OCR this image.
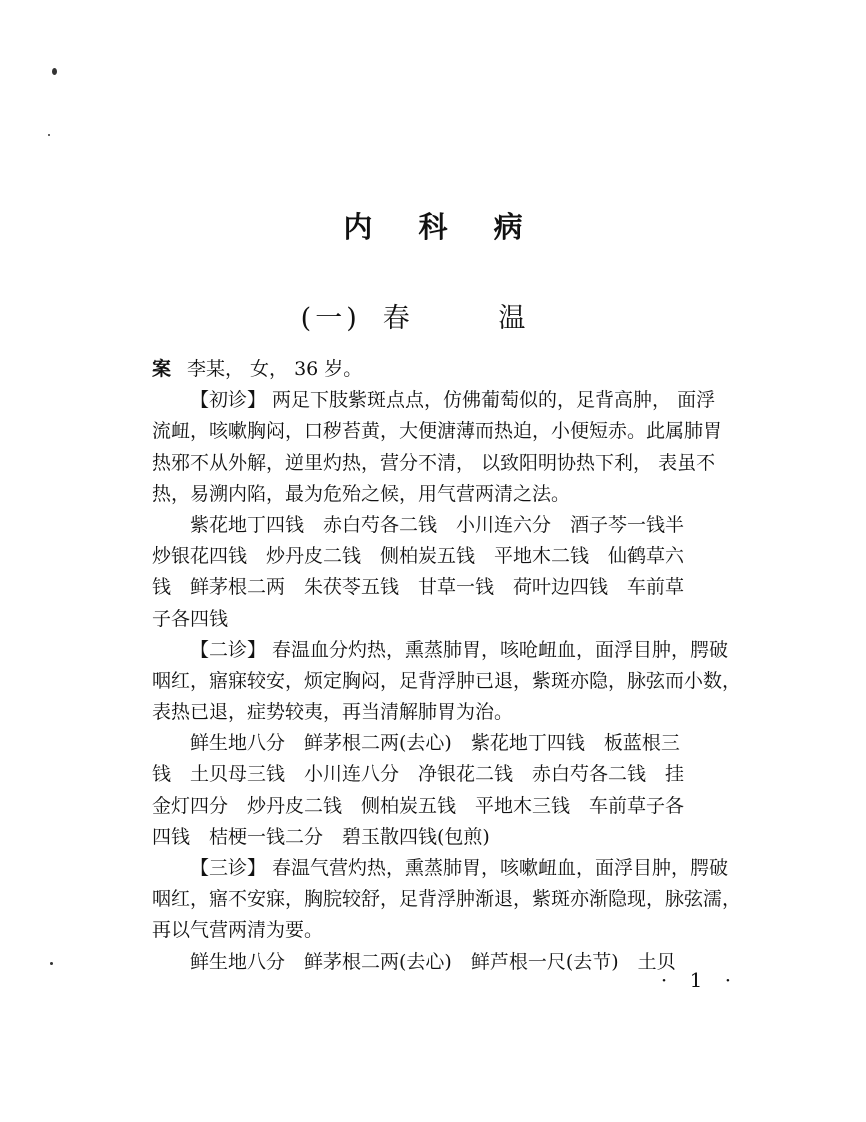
内 科 病
(一) 春 温
案 李某， 女， 36 岁。
【初诊】 两足下肢紫斑点点，仿佛葡萄似的，足背高肿， 面浮
流衄，咳嗽胸闷，口秽苔黄，大便溏薄而热迫，小便短赤。此属肺胃
热邪不从外解，逆里灼热，营分不清， 以致阳明协热下利， 表虽不
热，易溯内陷，最为危殆之候，用气营两清之法。
紫花地丁四钱　赤白芍各二钱　小川连六分　酒子芩一钱半
炒银花四钱　炒丹皮二钱　侧柏炭五钱　平地木二钱　仙鹤草六
钱　鲜茅根二两　朱茯苓五钱　甘草一钱　荷叶边四钱　车前草
子各四钱
【二诊】 春温血分灼热，熏蒸肺胃，咳呛衄血，面浮目肿，腭破
咽红，寤寐较安，烦定胸闷，足背浮肿已退，紫斑亦隐，脉弦而小数，
表热已退，症势较夷，再当清解肺胃为治。
鲜生地八分　鲜茅根二两(去心)　紫花地丁四钱　板蓝根三
钱　土贝母三钱　小川连八分　净银花二钱　赤白芍各二钱　挂
金灯四分　炒丹皮二钱　侧柏炭五钱　平地木三钱　车前草子各
四钱　桔梗一钱二分　碧玉散四钱(包煎)
【三诊】 春温气营灼热，熏蒸肺胃，咳嗽衄血，面浮目肿，腭破
咽红，寤不安寐，胸脘较舒，足背浮肿渐退，紫斑亦渐隐现，脉弦濡，
再以气营两清为要。
鲜生地八分　鲜茅根二两(去心)　鲜芦根一尺(去节)　土贝
· 1 ·
